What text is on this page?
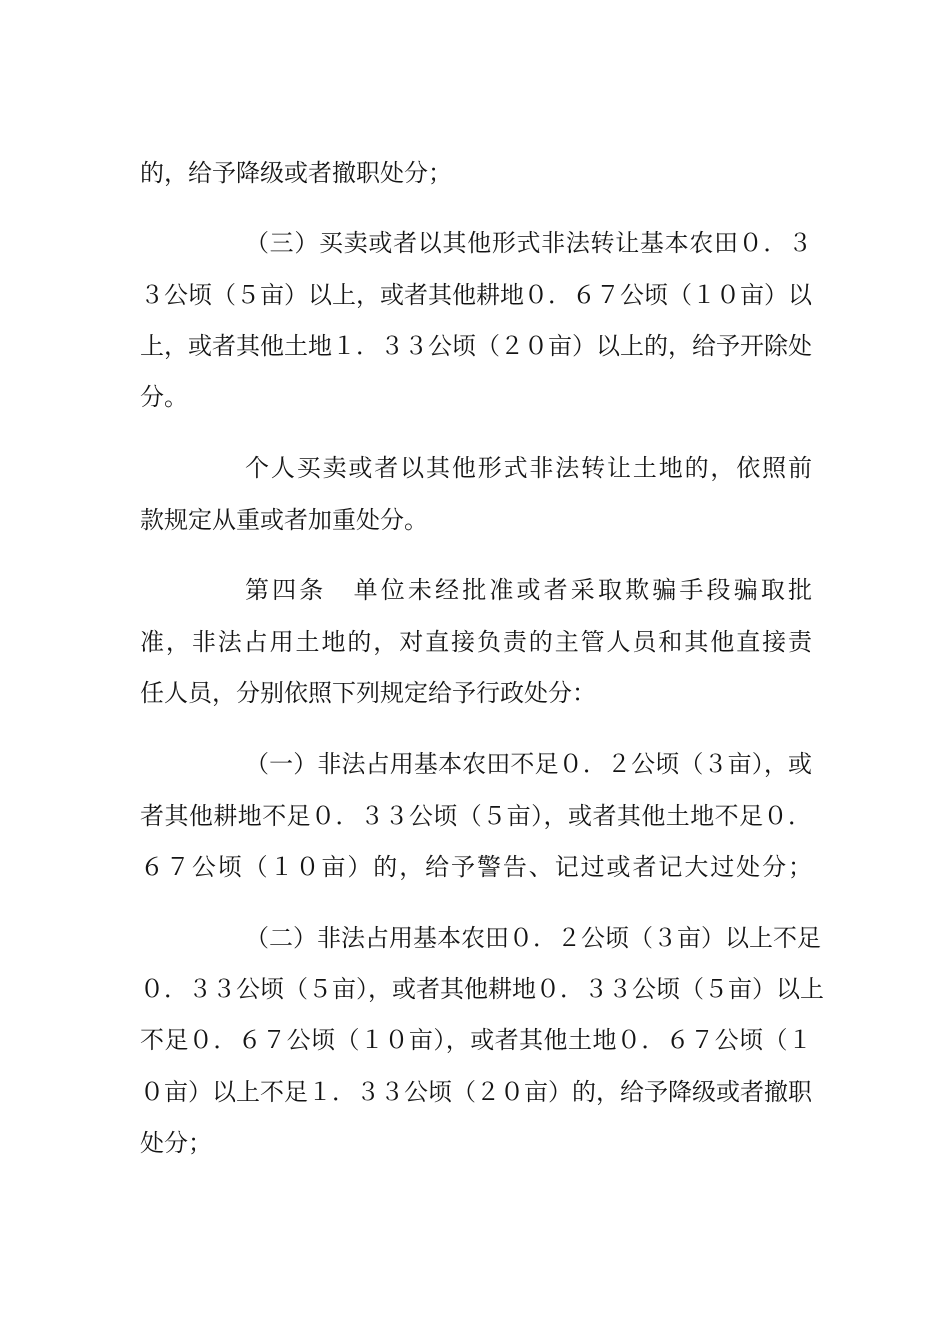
的，给予降级或者撤职处分；
（三）买卖或者以其他形式非法转让基本农田０．３
３公顷（５亩）以上，或者其他耕地０．６７公顷（１０亩）以
上，或者其他土地１．３３公顷（２０亩）以上的，给予开除处
分。
个人买卖或者以其他形式非法转让土地的，依照前
款规定从重或者加重处分。
第四条　单位未经批准或者采取欺骗手段骗取批
准，非法占用土地的，对直接负责的主管人员和其他直接责
任人员，分别依照下列规定给予行政处分：
（一）非法占用基本农田不足０．２公顷（３亩），或
者其他耕地不足０．３３公顷（５亩），或者其他土地不足０．
６７公顷（１０亩）的，给予警告、记过或者记大过处分；
（二）非法占用基本农田０．２公顷（３亩）以上不足
０．３３公顷（５亩），或者其他耕地０．３３公顷（５亩）以上
不足０．６７公顷（１０亩），或者其他土地０．６７公顷（１
０亩）以上不足１．３３公顷（２０亩）的，给予降级或者撤职
处分；
